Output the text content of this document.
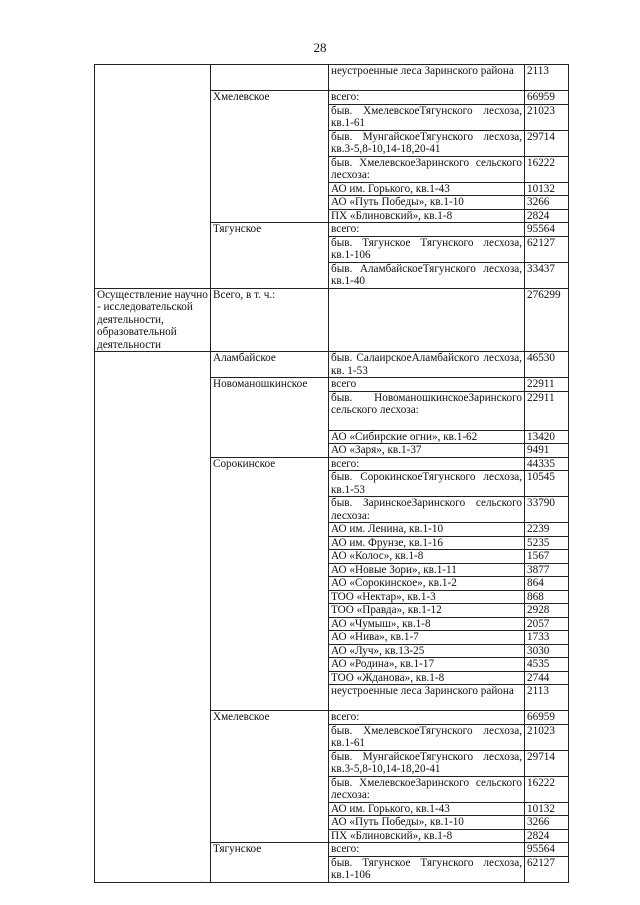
28
		неустроенные леса Заринского района	2113
	Хмелевское	всего:	66959
		быв. ХмелевскоеТягунского лесхоза, кв.1-61	21023
		быв. МунгайскоеТягунского лесхоза, кв.3-5,8-10,14-18,20-41	29714
		быв. ХмелевскоеЗаринского сельского лесхоза:	16222
		АО им. Горького, кв.1-43	10132
		АО «Путь Победы», кв.1-10	3266
		ПХ «Блиновский», кв.1-8	2824
	Тягунское	всего:	95564
		быв. Тягунское Тягунского лесхоза, кв.1-106	62127
		быв. АламбайскоеТягунского лесхоза, кв.1-40	33437
Осуществление научно - исследовательской деятельности, образовательной деятельности	Всего, в т. ч.:		276299
	Аламбайское	быв. СалаирскоеАламбайского лесхоза, кв. 1-53	46530
	Новоманошкинское	всего	22911
		быв. НовоманошкинскоеЗаринского сельского лесхоза:	22911
		АО «Сибирские огни», кв.1-62	13420
		АО «Заря», кв.1-37	9491
	Сорокинское	всего:	44335
		быв. СорокинскоеТягунского лесхоза, кв.1-53	10545
		быв. ЗаринскоеЗаринского сельского лесхоза:	33790
		АО им. Ленина, кв.1-10	2239
		АО им. Фрунзе, кв.1-16	5235
		АО «Колос», кв.1-8	1567
		АО «Новые Зори», кв.1-11	3877
		АО «Сорокинское», кв.1-2	864
		ТОО «Нектар», кв.1-3	868
		ТОО «Правда», кв.1-12	2928
		АО «Чумыш», кв.1-8	2057
		АО «Нива», кв.1-7	1733
		АО «Луч», кв.13-25	3030
		АО «Родина», кв.1-17	4535
		ТОО «Жданова», кв.1-8	2744
		неустроенные леса Заринского района	2113
	Хмелевское	всего:	66959
		быв. ХмелевскоеТягунского лесхоза, кв.1-61	21023
		быв. МунгайскоеТягунского лесхоза, кв.3-5,8-10,14-18,20-41	29714
		быв. ХмелевскоеЗаринского сельского лесхоза:	16222
		АО им. Горького, кв.1-43	10132
		АО «Путь Победы», кв.1-10	3266
		ПХ «Блиновский», кв.1-8	2824
	Тягунское	всего:	95564
		быв. Тягунское Тягунского лесхоза, кв.1-106	62127
·
